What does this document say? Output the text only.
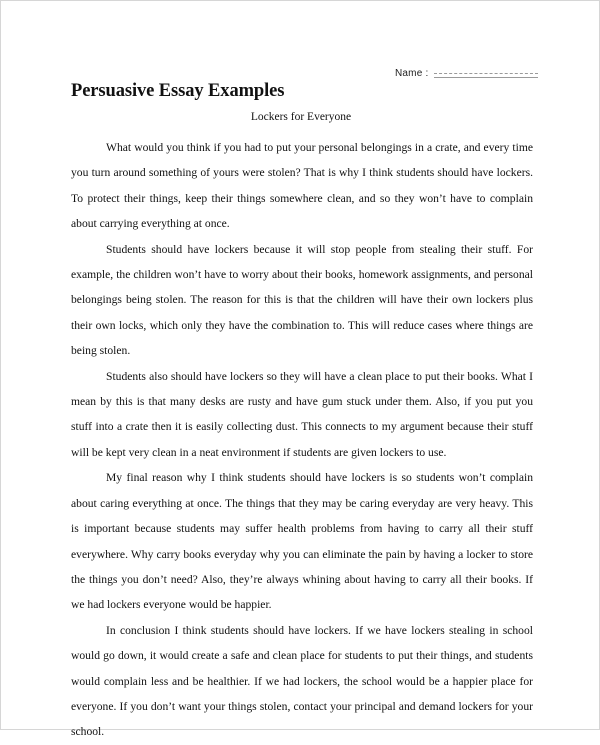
Name :
Persuasive Essay Examples

Lockers for Everyone

What would you think if you had to put your personal belongings in a crate, and every time you turn around something of yours were stolen? That is why I think students should have lockers. To protect their things, keep their things somewhere clean, and so they won’t have to complain about carrying everything at once.

Students should have lockers because it will stop people from stealing their stuff. For example, the children won’t have to worry about their books, homework assignments, and personal belongings being stolen. The reason for this is that the children will have their own lockers plus their own locks, which only they have the combination to. This will reduce cases where things are being stolen.

Students also should have lockers so they will have a clean place to put their books. What I mean by this is that many desks are rusty and have gum stuck under them. Also, if you put you stuff into a crate then it is easily collecting dust. This connects to my argument because their stuff will be kept very clean in a neat environment if students are given lockers to use.

My final reason why I think students should have lockers is so students won’t complain about caring everything at once. The things that they may be caring everyday are very heavy. This is important because students may suffer health problems from having to carry all their stuff everywhere. Why carry books everyday why you can eliminate the pain by having a locker to store the things you don’t need? Also, they’re always whining about having to carry all their books. If we had lockers everyone would be happier.

In conclusion I think students should have lockers. If we have lockers stealing in school would go down, it would create a safe and clean place for students to put their things, and students would complain less and be healthier. If we had lockers, the school would be a happier place for everyone. If you don’t want your things stolen, contact your principal and demand lockers for your school.
